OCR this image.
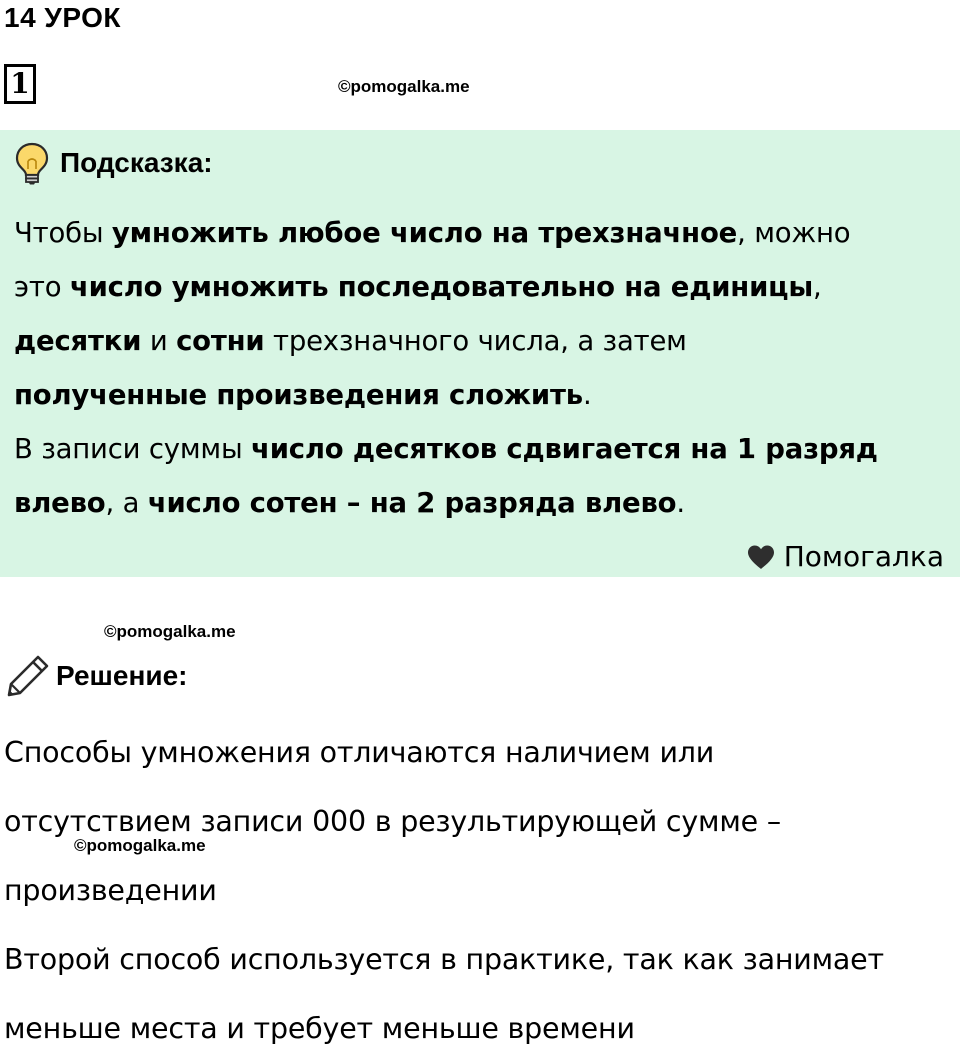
14 УРОК
1	©pomogalka.me
Подсказка:
Чтобы умножить любое число на трехзначное, можно
это число умножить последовательно на единицы,
десятки и сотни трехзначного числа, а затем
полученные произведения сложить.
В записи суммы число десятков сдвигается на 1 разряд
влево, а число сотен – на 2 разряда влево.
Помогалка
©pomogalka.me
Решение:
Способы умножения отличаются наличием или
отсутствием записи 000 в результирующей сумме –
произведении
Второй способ используется в практике, так как занимает
меньше места и требует меньше времени
©pomogalka.me
